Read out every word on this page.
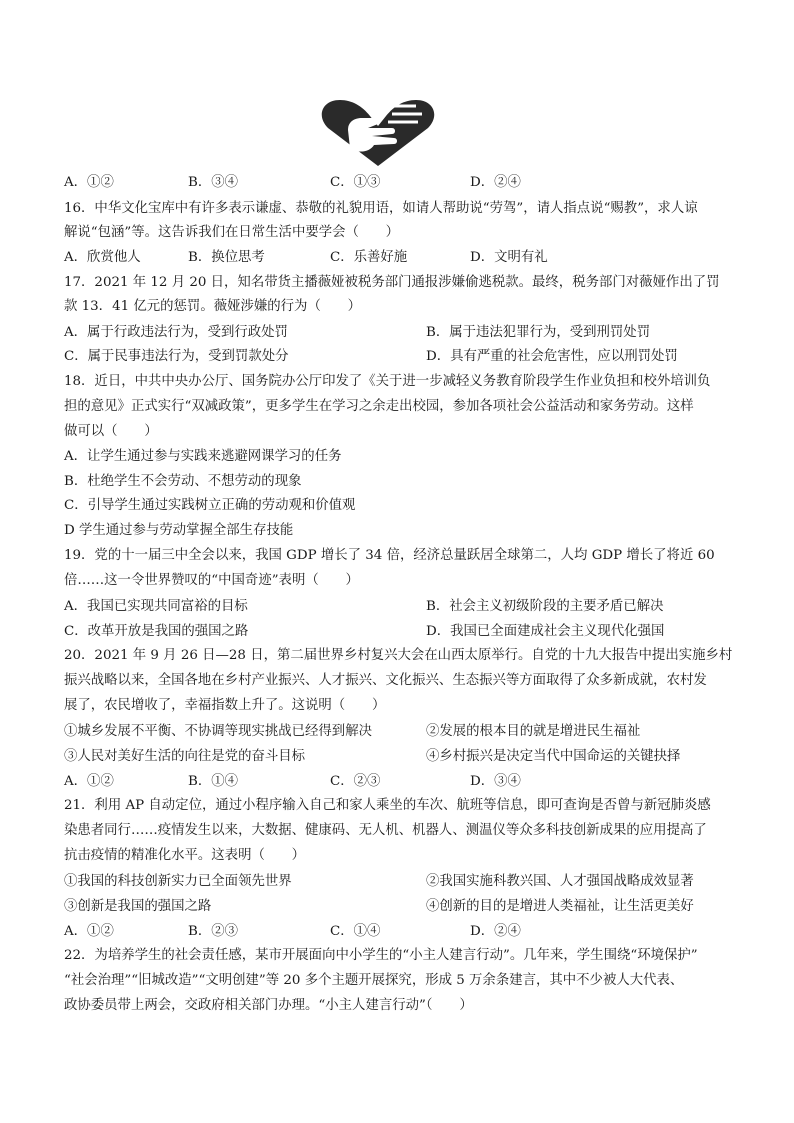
A．①②	B．③④	C．①③	D．②④
16．中华文化宝库中有许多表示谦虚、恭敬的礼貌用语，如请人帮助说“劳驾”，请人指点说“赐教”，求人谅
解说“包涵”等。这告诉我们在日常生活中要学会（　　）
A．欣赏他人	B．换位思考	C．乐善好施	D．文明有礼
17．2021 年 12 月 20 日，知名带货主播薇娅被税务部门通报涉嫌偷逃税款。最终，税务部门对薇娅作出了罚
款 13．41 亿元的惩罚。薇娅涉嫌的行为（　　）
A．属于行政违法行为，受到行政处罚	B．属于违法犯罪行为，受到刑罚处罚
C．属于民事违法行为，受到罚款处分	D．具有严重的社会危害性，应以刑罚处罚
18．近日，中共中央办公厅、国务院办公厅印发了《关于进一步减轻义务教育阶段学生作业负担和校外培训负
担的意见》正式实行“双减政策”，更多学生在学习之余走出校园，参加各项社会公益活动和家务劳动。这样
做可以（　　）
A．让学生通过参与实践来逃避网课学习的任务
B．杜绝学生不会劳动、不想劳动的现象
C．引导学生通过实践树立正确的劳动观和价值观
D 学生通过参与劳动掌握全部生存技能
19．党的十一届三中全会以来，我国 GDP 增长了 34 倍，经济总量跃居全球第二，人均 GDP 增长了将近 60
倍……这一令世界赞叹的“中国奇迹”表明（　　）
A．我国已实现共同富裕的目标	B．社会主义初级阶段的主要矛盾已解决
C．改革开放是我国的强国之路	D．我国已全面建成社会主义现代化强国
20．2021 年 9 月 26 日—28 日，第二届世界乡村复兴大会在山西太原举行。自党的十九大报告中提出实施乡村
振兴战略以来，全国各地在乡村产业振兴、人才振兴、文化振兴、生态振兴等方面取得了众多新成就，农村发
展了，农民增收了，幸福指数上升了。这说明（　　）
①城乡发展不平衡、不协调等现实挑战已经得到解决	②发展的根本目的就是增进民生福祉
③人民对美好生活的向往是党的奋斗目标	④乡村振兴是决定当代中国命运的关键抉择
A．①②	B．①④	C．②③	D．③④
21．利用 AP 自动定位，通过小程序输入自己和家人乘坐的车次、航班等信息，即可查询是否曾与新冠肺炎感
染患者同行……疫情发生以来，大数据、健康码、无人机、机器人、测温仪等众多科技创新成果的应用提高了
抗击疫情的精准化水平。这表明（　　）
①我国的科技创新实力已全面领先世界	②我国实施科教兴国、人才强国战略成效显著
③创新是我国的强国之路	④创新的目的是增进人类福祉，让生活更美好
A．①②	B．②③	C．①④	D．②④
22．为培养学生的社会责任感，某市开展面向中小学生的“小主人建言行动”。几年来，学生围绕“环境保护”
“社会治理”“旧城改造”“文明创建”等 20 多个主题开展探究，形成 5 万余条建言，其中不少被人大代表、
政协委员带上两会，交政府相关部门办理。“小主人建言行动”（　　）
